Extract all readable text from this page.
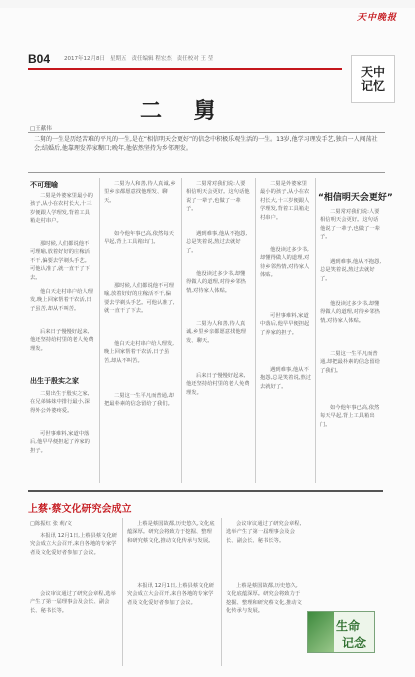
天中晚报
B04	2017年12月8日 星期五 责任编辑 程宏杰 责任校对 王 莹
天中
记忆
二 舅
□王献伟
二舅的一生是历经苦难的平凡的一生,是在“相信明天会更好”的信念中积极乐观生活的一生。13岁,他学习理发手艺,独自一人闯荡社会;结婚后,他靠理发养家糊口;晚年,他依然坚持为乡邻理发。
不可理喻
二舅是外婆家里最小的孩子,从小在农村长大,十三岁便跟人学理发,背着工具箱走村串户。
那时候,人们都说他不可理喻,放着好好的庄稼活不干,偏要去学剃头手艺。可他认准了,就一直干了下去。
他白天走村串户给人理发,晚上回家帮着干农活,日子虽苦,却从不叫苦。
后来日子慢慢好起来,他还坚持给村里的老人免费理发。
出生于殷实之家
二舅出生于殷实之家,在兄弟姊妹中排行最小,深得外公外婆疼爱。
可世事难料,家道中落后,他早早便担起了养家的担子。
二舅为人和善,待人真诚,乡里乡亲都愿意找他理发、聊天。
如今他年事已高,依然每天早起,背上工具箱出门。
那时候,人们都说他不可理喻,放着好好的庄稼活不干,偏要去学剃头手艺。可他认准了,就一直干了下去。
他白天走村串户给人理发,晚上回家帮着干农活,日子虽苦,却从不叫苦。
二舅这一生平凡而普通,却把最朴素的信念留给了我们。
二舅常对我们说:人要相信明天会更好。这句话他说了一辈子,也做了一辈子。
遇到难事,他从不抱怨,总是笑着说,熬过去就好了。
他没读过多少书,却懂得做人的道理,对待乡邻热情,对待家人体贴。
二舅为人和善,待人真诚,乡里乡亲都愿意找他理发、聊天。
后来日子慢慢好起来,他还坚持给村里的老人免费理发。
二舅是外婆家里最小的孩子,从小在农村长大,十三岁便跟人学理发,背着工具箱走村串户。
他没读过多少书,却懂得做人的道理,对待乡邻热情,对待家人体贴。
可世事难料,家道中落后,他早早便担起了养家的担子。
遇到难事,他从不抱怨,总是笑着说,熬过去就好了。
“相信明天会更好”
二舅常对我们说:人要相信明天会更好。这句话他说了一辈子,也做了一辈子。
遇到难事,他从不抱怨,总是笑着说,熬过去就好了。
他没读过多少书,却懂得做人的道理,对待乡邻热情,对待家人体贴。
二舅这一生平凡而普通,却把最朴素的信念留给了我们。
如今他年事已高,依然每天早起,背上工具箱出门。
上蔡·蔡文化研究会成立
□陈振红 张 莉/文
本报讯 12月1日,上蔡县蔡文化研究会成立大会召开,来自各地的专家学者及文化爱好者参加了会议。
会议审议通过了研究会章程,选举产生了第一届理事会及会长、副会长、秘书长等。
上蔡是蔡国故都,历史悠久,文化底蕴深厚。研究会将致力于挖掘、整理和研究蔡文化,推动文化传承与发展。
本报讯 12月1日,上蔡县蔡文化研究会成立大会召开,来自各地的专家学者及文化爱好者参加了会议。
会议审议通过了研究会章程,选举产生了第一届理事会及会长、副会长、秘书长等。
上蔡是蔡国故都,历史悠久,文化底蕴深厚。研究会将致力于挖掘、整理和研究蔡文化,推动文化传承与发展。
生命
记念
